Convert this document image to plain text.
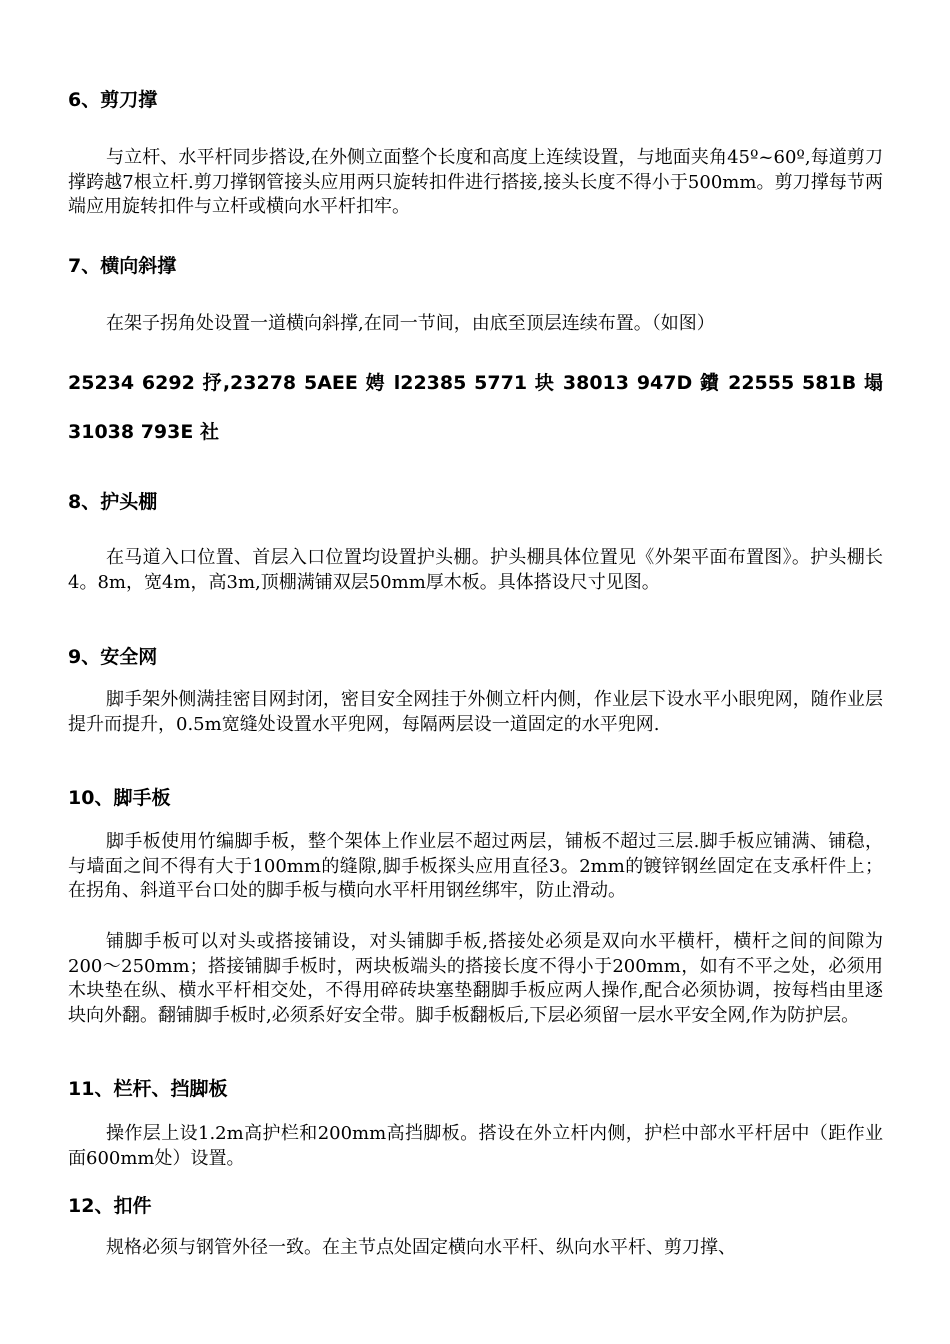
6、剪刀撑

与立杆、水平杆同步搭设,在外侧立面整个长度和高度上连续设置，与地面夹角45º~60º,每道剪刀撑跨越7根立杆.剪刀撑钢管接头应用两只旋转扣件进行搭接,接头长度不得小于500mm。剪刀撑每节两端应用旋转扣件与立杆或横向水平杆扣牢。

7、横向斜撑

在架子拐角处设置一道横向斜撑,在同一节间，由底至顶层连续布置。（如图）

25234 6292 抒,23278 5AEE 娉 l22385 5771 块 38013 947D 鐨 22555 581B 塌
31038 793E 社
8、护头棚

在马道入口位置、首层入口位置均设置护头棚。护头棚具体位置见《外架平面布置图》。护头棚长4。8m，宽4m，高3m,顶棚满铺双层50mm厚木板。具体搭设尺寸见图。

9、安全网

脚手架外侧满挂密目网封闭，密目安全网挂于外侧立杆内侧，作业层下设水平小眼兜网，随作业层提升而提升，0.5m宽缝处设置水平兜网，每隔两层设一道固定的水平兜网.

10、脚手板

脚手板使用竹编脚手板，整个架体上作业层不超过两层，铺板不超过三层.脚手板应铺满、铺稳，与墙面之间不得有大于100mm的缝隙,脚手板探头应用直径3。2mm的镀锌钢丝固定在支承杆件上；在拐角、斜道平台口处的脚手板与横向水平杆用钢丝绑牢，防止滑动。

铺脚手板可以对头或搭接铺设，对头铺脚手板,搭接处必须是双向水平横杆，横杆之间的间隙为200～250mm；搭接铺脚手板时，两块板端头的搭接长度不得小于200mm，如有不平之处，必须用木块垫在纵、横水平杆相交处，不得用碎砖块塞垫翻脚手板应两人操作,配合必须协调，按每档由里逐块向外翻。翻铺脚手板时,必须系好安全带。脚手板翻板后,下层必须留一层水平安全网,作为防护层。

11、栏杆、挡脚板

操作层上设1.2m高护栏和200mm高挡脚板。搭设在外立杆内侧，护栏中部水平杆居中（距作业面600mm处）设置。

12、扣件

规格必须与钢管外径一致。在主节点处固定横向水平杆、纵向水平杆、剪刀撑、
